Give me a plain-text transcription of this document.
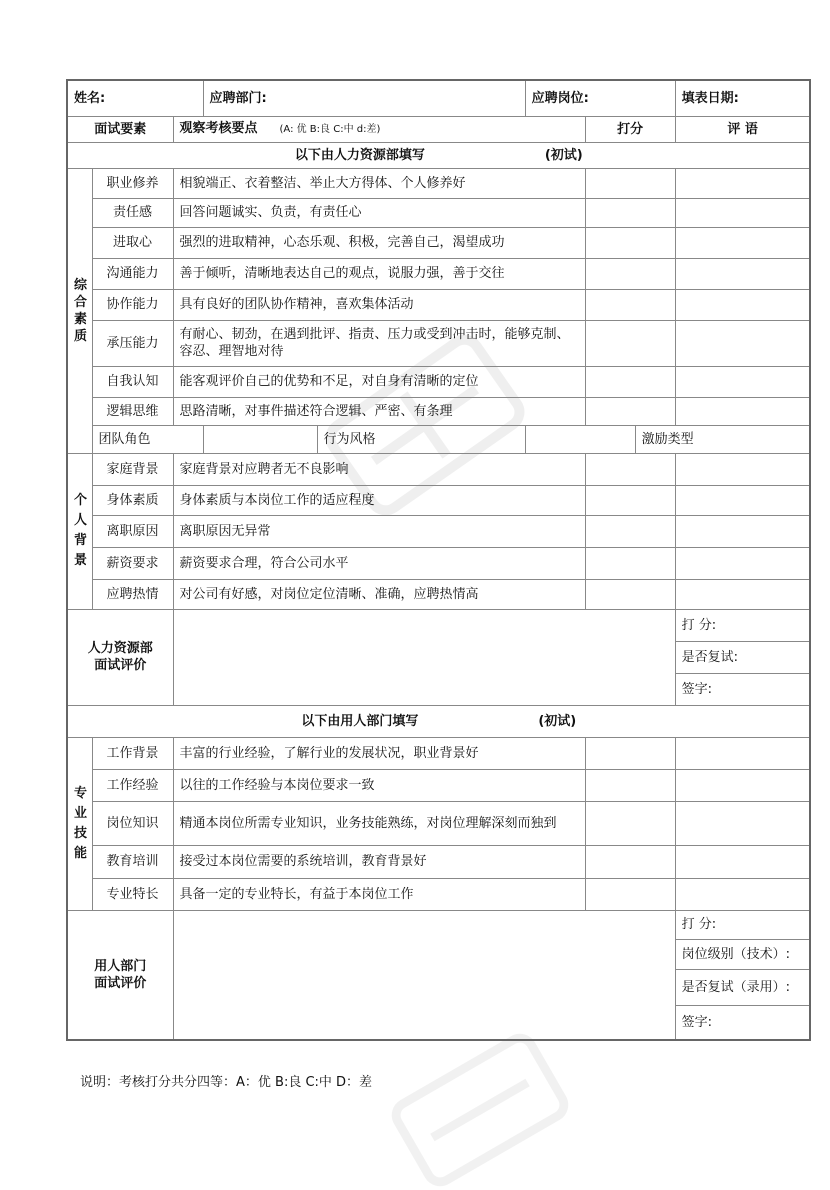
姓名:			应聘部门:		应聘岗位:			填表日期:	
面试要素		观察考核要点 (A: 优 B:良 C:中 d:差)				打分		评 语	
以下由人力资源部填写 (初试)									
综
合
素
质	职业修养	相貌端正、衣着整洁、举止大方得体、个人修养好							
	责任感	回答问题诚实、负责，有责任心							
	进取心	强烈的进取精神，心态乐观、积极，完善自己，渴望成功							
	沟通能力	善于倾听，清晰地表达自己的观点，说服力强，善于交往							
	协作能力	具有良好的团队协作精神，喜欢集体活动							
	承压能力	有耐心、韧劲，在遇到批评、指责、压力或受到冲击时，能够克制、容忍、理智地对待							
	自我认知	能客观评价自己的优势和不足，对自身有清晰的定位							
	逻辑思维	思路清晰，对事件描述符合逻辑、严密、有条理							
	团队角色			行为风格			激励类型		
个
人
背
景	家庭背景	家庭背景对应聘者无不良影响							
	身体素质	身体素质与本岗位工作的适应程度							
	离职原因	离职原因无异常							
	薪资要求	薪资要求合理，符合公司水平							
	应聘热情	对公司有好感，对岗位定位清晰、准确，应聘热情高							
人力资源部
面试评价								打 分:	
								是否复试:	
								签字:	
以下由用人部门填写 (初试)									
专
业
技
能	工作背景	丰富的行业经验，了解行业的发展状况，职业背景好							
	工作经验	以往的工作经验与本岗位要求一致							
	岗位知识	精通本岗位所需专业知识，业务技能熟练，对岗位理解深刻而独到							
	教育培训	接受过本岗位需要的系统培训，教育背景好							
	专业特长	具备一定的专业特长，有益于本岗位工作							
用人部门
面试评价								打 分:	
								岗位级别（技术）:	
								是否复试（录用）:	
								签字:	
说明：考核打分共分四等：A：优 B:良 C:中 D：差
